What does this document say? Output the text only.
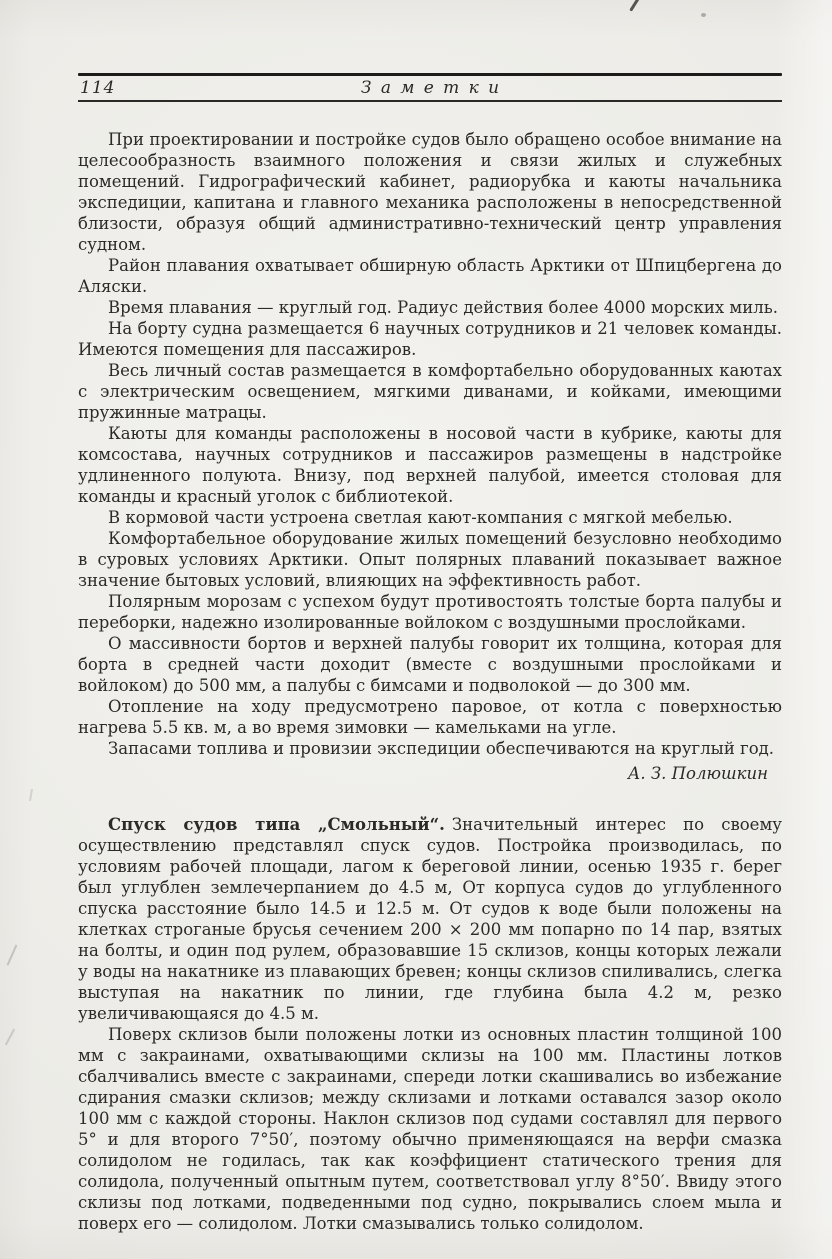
114	Заметки

При проектировании и постройке судов было обращено особое внимание на целесообразность взаимного положения и связи жилых и служебных помещений. Гидрографический кабинет, радиорубка и каюты начальника экспедиции, капитана и главного механика расположены в непосредственной близости, образуя общий административно-технический центр управления судном.

Район плавания охватывает обширную область Арктики от Шпицбергена до Аляски.

Время плавания — круглый год. Радиус действия более 4000 морских миль.

На борту судна размещается 6 научных сотрудников и 21 человек команды. Имеются помещения для пассажиров.

Весь личный состав размещается в комфортабельно оборудованных каютах с электрическим освещением, мягкими диванами, и койками, имеющими пружинные матрацы.

Каюты для команды расположены в носовой части в кубрике, каюты для комсостава, научных сотрудников и пассажиров размещены в надстройке удлиненного полуюта. Внизу, под верхней палубой, имеется столовая для команды и красный уголок с библиотекой.

В кормовой части устроена светлая кают-компания с мягкой мебелью.

Комфортабельное оборудование жилых помещений безусловно необходимо в суровых условиях Арктики. Опыт полярных плаваний показывает важное значение бытовых условий, влияющих на эффективность работ.

Полярным морозам с успехом будут противостоять толстые борта палубы и переборки, надежно изолированные войлоком с воздушными прослойками.

О массивности бортов и верхней палубы говорит их толщина, которая для борта в средней части доходит (вместе с воздушными прослойками и войлоком) до 500 мм, а палубы с бимсами и подволокой — до 300 мм.

Отопление на ходу предусмотрено паровое, от котла с поверхностью нагрева 5.5 кв. м, а во время зимовки — камельками на угле.

Запасами топлива и провизии экспедиции обеспечиваются на круглый год.

А. З. Полюшкин

Спуск судов типа „Смольный“. Значительный интерес по своему осуществлению представлял спуск судов. Постройка производилась, по условиям рабочей площади, лагом к береговой линии, осенью 1935 г. берег был углублен землечерпанием до 4.5 м, От корпуса судов до углубленного спуска расстояние было 14.5 и 12.5 м. От судов к воде были положены на клетках строганые брусья сечением 200 × 200 мм попарно по 14 пар, взятых на болты, и один под рулем, образовавшие 15 склизов, концы которых лежали у воды на накатнике из плавающих бревен; концы склизов спиливались, слегка выступая на накатник по линии, где глубина была 4.2 м, резко увеличивающаяся до 4.5 м.

Поверх склизов были положены лотки из основных пластин толщиной 100 мм с закраинами, охватывающими склизы на 100 мм. Пластины лотков сбалчивались вместе с закраинами, спереди лотки скашивались во избежание сдирания смазки склизов; между склизами и лотками оставался зазор около 100 мм с каждой стороны. Наклон склизов под судами составлял для первого 5° и для второго 7°50′, поэтому обычно применяющаяся на верфи смазка солидолом не годилась, так как коэффициент статического трения для солидола, полученный опытным путем, соответствовал углу 8°50′. Ввиду этого склизы под лотками, подведенными под судно, покрывались слоем мыла и поверх его — солидолом. Лотки смазывались только солидолом.
